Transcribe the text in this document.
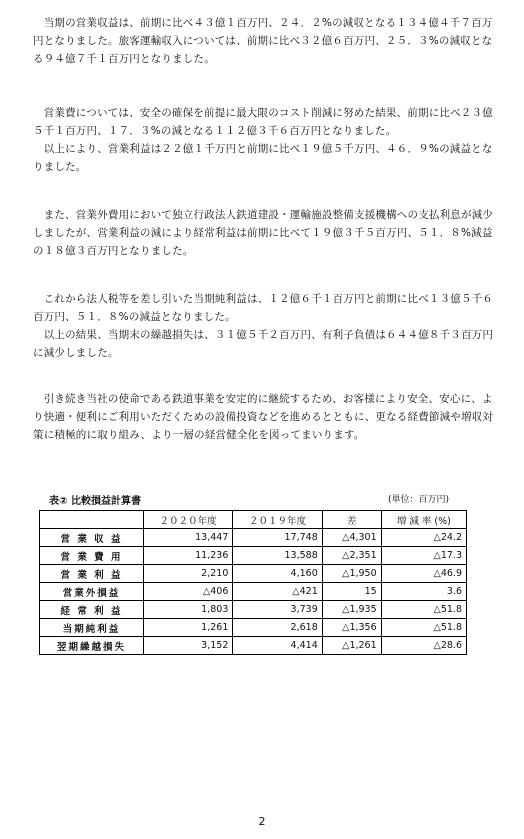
　当期の営業収益は、前期に比べ４３億１百万円、２４．２%の減収となる１３４億４千７百万円となりました。旅客運輸収入については、前期に比べ３２億６百万円、２５．３%の減収となる９４億７千１百万円となりました。

　営業費については、安全の確保を前提に最大限のコスト削減に努めた結果、前期に比べ２３億５千１百万円、１７．３%の減となる１１２億３千６百万円となりました。
　以上により、営業利益は２２億１千万円と前期に比べ１９億５千万円、４６．９%の減益となりました。

　また、営業外費用において独立行政法人鉄道建設・運輸施設整備支援機構への支払利息が減少しましたが、営業利益の減により経常利益は前期に比べて１９億３千５百万円、５１．８%減益の１８億３百万円となりました。

　これから法人税等を差し引いた当期純利益は、１２億６千１百万円と前期に比べ１３億５千６百万円、５１．８%の減益となりました。
　以上の結果、当期末の繰越損失は、３１億５千２百万円、有利子負債は６４４億８千３百万円に減少しました。

　引き続き当社の使命である鉄道事業を安定的に継続するため、お客様により安全、安心に、より快適・便利にご利用いただくための設備投資などを進めるとともに、更なる経費節減や増収対策に積極的に取り組み、より一層の経営健全化を図ってまいります。

表② 比較損益計算書	(単位：百万円)
	２０２０年度	２０１９年度	差	増 減 率 (%)
営 業 収 益	13,447	17,748	△4,301	△24.2
営 業 費 用	11,236	13,588	△2,351	△17.3
営 業 利 益	2,210	4,160	△1,950	△46.9
営業外損益	△406	△421	15	3.6
経 常 利 益	1,803	3,739	△1,935	△51.8
当期純利益	1,261	2,618	△1,356	△51.8
翌期繰越損失	3,152	4,414	△1,261	△28.6
2
